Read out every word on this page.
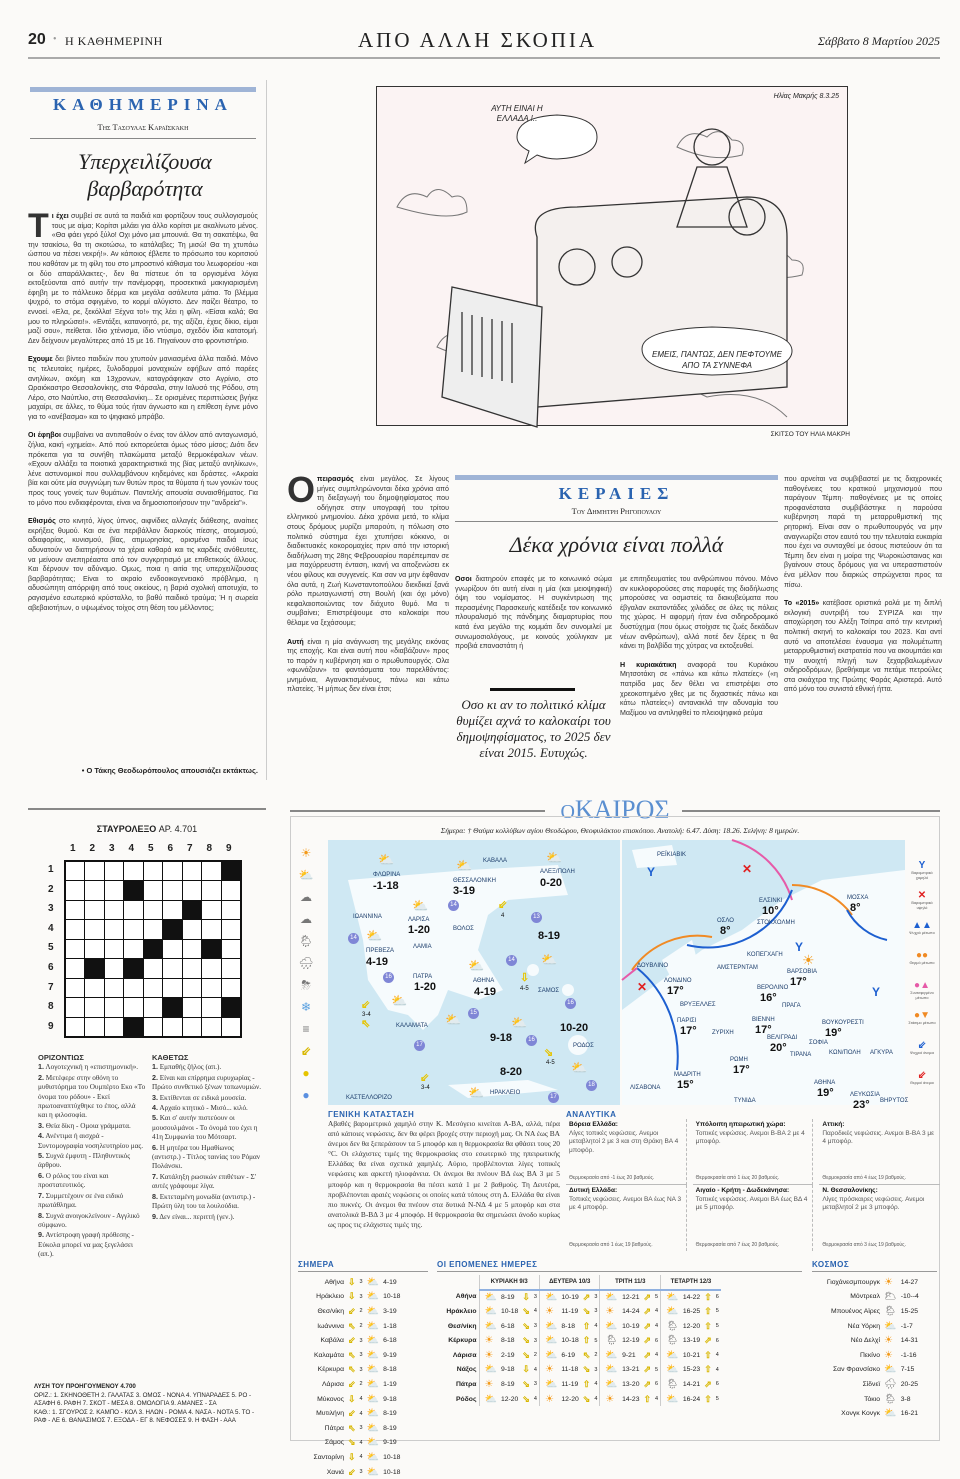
20 • Η ΚΑΘΗΜΕΡΙΝΗ	ΑΠΟ ΑΛΛΗ ΣΚΟΠΙΑ	Σάββατο 8 Μαρτίου 2025
ΚΑΘΗΜΕΡΙΝΑ
Της Τασούλας Καραϊσκάκη
Υπερχειλίζουσα βαρβαρότητα

Τι έχει συμβεί σε αυτά τα παιδιά και φορτίζουν τους συλλογισμούς τους με αίμα; Κορίτσι μιλάει για άλλο κορίτσι με ακαλίνωτο μένος. «Θα φάει γερό ξύλο! Οχι μόνο μια μπουνιά. Θα τη σακατέψω, θα την τσακίσω, θα τη σκοτώσω, το κατάλαβες; Τη μισώ! Θα τη χτυπάω ώσπου να πέσει νεκρή!». Αν κάποιος έβλεπε το πρόσωπο του κοριτσιού που καθόταν με τη φίλη του στο μπροστινό κάθισμα του λεωφορείου -και οι δύο απαράλλακτες-, δεν θα πίστευε ότι τα οργισμένα λόγια εκτοξεύονται από αυτήν την πανέμορφη, προσεκτικά μακιγιαρισμένη έφηβη με το πάλλευκο δέρμα και μεγάλα ασάλευτα μάτια. Το βλέμμα ψυχρό, το στόμα σφιγμένο, το κορμί αλύγιστο. Δεν παίζει θέατρο, το εννοεί. «Ελα, ρε, ξεκόλλα! Ξέχνα το!» της λέει η φίλη. «Είσαι καλά; Θα μου το πληρώσει!». «Εντάξει, κατανοητό, ρε, της αξίζει, έχεις δίκιο, είμαι μαζί σου», πείθεται. Ιδιο χτένισμα, ίδιο ντύσιμο, σχεδόν ίδια κατατομή. Δεν δείχνουν μεγαλύτερες από 15 με 16. Πηγαίνουν στο φροντιστήριο.

Εχουμε δει βίντεο παιδιών που χτυπούν μανιασμένα άλλα παιδιά. Μόνο τις τελευταίες ημέρες, ξυλοδαρμοί μοναχικών εφήβων από παρέες ανηλίκων, ακόμη και 13χρονων, καταγράφηκαν στο Αγρίνιο, στο Ωραιόκαστρο Θεσσαλονίκης, στα Φάρσαλα, στην Ιαλυσό της Ρόδου, στη Λέρο, στο Ναύπλιο, στη Θεσσαλονίκη... Σε ορισμένες περιπτώσεις βγήκε μαχαίρι, σε άλλες, το θύμα τούς ήταν άγνωστο και η επίθεση έγινε μόνο για το «ανέβασμα» και το ψηφιακό μπράβο.

Οι έφηβοι συμβαίνει να αντιπαθούν ο ένας τον άλλον από ανταγωνισμό, ζήλια, κακή «χημεία». Από πού εκπορεύεται όμως τόσο μίσος; Διότι δεν πρόκειται για τα συνήθη πλακώματα μεταξύ θερμοκέφαλων νέων. «Εχουν αλλάξει τα ποιοτικά χαρακτηριστικά της βίας μεταξύ ανηλίκων», λένε αστυνομικοί που συλλαμβάνουν κηδεμόνες και δράστες. «Ακραία βία και ούτε μία συγγνώμη των θυτών προς τα θύματα ή των γονιών τους προς τους γονείς των θυμάτων. Παντελής απουσία συναισθήματος. Για το μόνο που ενδιαφέρονται, είναι να δημοσιοποιήσουν την "ανδρεία"».

Εθισμός στο κινητό, λίγος ύπνος, αιφνίδιες αλλαγές διάθεσης, αναίτιες εκρήξεις θυμού. Και σε ένα περιβάλλον διαρκούς πίεσης, ατομισμού, αδιαφορίας, κυνισμού, βίας, ατιμωρησίας, ορισμένα παιδιά ίσως αδυνατούν να διατηρήσουν τα χέρια καθαρά και τις καρδιές ανόθευτες, να μείνουν ανεπηρέαστα από τον συγκρητισμό με επιθετικούς άλλους. Και δέρνουν τον αδύναμο. Ομως, ποια η αιτία της υπερχειλίζουσας βαρβαρότητας; Είναι το ακραίο ενδοοικογενειακό πρόβλημα, η αδυσώπητη απόρριψη από τους οικείους, η βαριά σχολική αποτυχία, το ραγισμένο εσωτερικό κρύσταλλο, το βαθύ παιδικό τραύμα; Ή η σωρεία αβεβαιοτήτων, ο υψωμένος τοίχος στη θέση του μέλλοντος;

• Ο Τάκης Θεοδωρόπουλος απουσιάζει εκτάκτως.
ΑΥΤΗ ΕΙΝΑΙ Η ΕΛΛΑΔΑ !..
ΕΜΕΙΣ, ΠΑΝΤΩΣ, ΔΕΝ ΠΕΦΤΟΥΜΕ ΑΠΟ ΤΑ ΣΥΝΝΕΦΑ
Ηλίας Μακρής 8.3.25
ΣΚΙΤΣΟ ΤΟΥ ΗΛΙΑ ΜΑΚΡΗ

Οπειρασμός είναι μεγάλος. Σε λίγους μήνες συμπληρώνονται δέκα χρόνια από τη διεξαγωγή του δημοψηφίσματος που οδήγησε στην υπογραφή του τρίτου ελληνικού μνημονίου. Δέκα χρόνια μετά, το κλίμα στους δρόμους μυρίζει μπαρούτι, η πόλωση στο πολιτικό σύστημα έχει χτυπήσει κόκκινο, οι διαδικτυακές κοκορομαχίες πριν από την ιστορική διαδήλωση της 28ης Φεβρουαρίου παρέπεμπαν σε μια παχύρρευστη ένταση, ικανή να αποξενώσει εκ νέου φίλους και συγγενείς. Και σαν να μην έφθαναν όλα αυτά, η Ζωή Κωνσταντοπούλου διεκδικεί ξανά ρόλο πρωταγωνιστή στη Βουλή (και όχι μόνο) κεφαλαιοποιώντας τον διάχυτο θυμό. Μα τι συμβαίνει; Επιστρέψουμε στο καλοκαίρι που θέλαμε να ξεχάσουμε;

Αυτή είναι η μία ανάγνωση της μεγάλης εικόνας της εποχής. Και είναι αυτή που «διαβάζουν» προς το παρόν η κυβέρνηση και ο πρωθυπουργός. Ολα «φωνάζουν» τα φαντάσματα του παρελθόντος: μνημόνια, Αγανακτισμένους, πάνω και κάτω πλατείες. Ή μήπως δεν είναι έτσι;

ΚΕΡΑΙΕΣ
Του Δημήτρη Ρηγόπουλου
Δέκα χρόνια είναι πολλά

Οσοι διατηρούν επαφές με το κοινωνικό σώμα γνωρίζουν ότι αυτή είναι η μία (και μειοψηφική) όψη του νομίσματος. Η συγκέντρωση της περασμένης Παρασκευής κατέδειξε τον κοινωνικό πλουραλισμό της πάνδημης διαμαρτυρίας που κατά ένα μεγάλο της κομμάτι δεν συνομιλεί με συνωμοσιολόγους, με κοινούς χούλιγκαν με προβιά επαναστάτη ή

Οσο κι αν το πολιτικό κλίμα θυμίζει αχνά το καλοκαίρι του δημοψηφίσματος, το 2025 δεν είναι 2015. Ευτυχώς.

με επιτηδευματίες του ανθρώπινου πόνου. Μόνο αν κυκλοφορούσες στις παρυφές της διαδήλωσης μπορούσες να οσμιστείς τα διακυβεύματα που έβγαλαν εκατοντάδες χιλιάδες σε όλες τις πόλεις της χώρας. Η αφορμή ήταν ένα σιδηροδρομικό δυστύχημα (που όμως στοίχισε τις ζωές δεκάδων νέων ανθρώπων), αλλά ποτέ δεν ξέρεις τι θα κάνει τη βαλβίδα της χύτρας να εκτοξευθεί.

Η κυριακάτικη αναφορά του Κυριάκου Μητσοτάκη σε «πάνω και κάτω πλατείες» («η πατρίδα μας δεν θέλει να επιστρέψει στο χρεοκοπημένο χθες με τις διχαστικές πάνω και κάτω πλατείες») αντανακλά την αδυναμία του Μαξίμου να αντιληφθεί το πλειοψηφικό ρεύμα

που αρνείται να συμβιβαστεί με τις διαχρονικές παθογένειες του κρατικού μηχανισμού που παράγουν Τέμπη· παθογένειες με τις οποίες προφανέστατα συμβιβάστηκε η παρούσα κυβέρνηση παρά τη μεταρρυθμιστική της ρητορική. Είναι σαν ο πρωθυπουργός να μην αναγνωρίζει στον εαυτό του την τελευταία ευκαιρία που έχει να συνταχθεί με όσους πιστεύουν ότι τα Τέμπη δεν είναι η μοίρα της Ψωροκώσταινας και βγαίνουν στους δρόμους για να υπερασπιστούν ένα μέλλον που διαρκώς σπρώχνεται προς τα πίσω.

Το «2015» κατέβασε οριστικά ρολά με τη διπλή εκλογική συντριβή του ΣΥΡΙΖΑ και την αποχώρηση του Αλέξη Τσίπρα από την κεντρική πολιτική σκηνή το καλοκαίρι του 2023. Και αντί αυτό να αποτελέσει έναυσμα για πολυμέτωπη μεταρρυθμιστική εκστρατεία που να ακουμπάει και την ανοιχτή πληγή των ξεχαρβαλωμένων σιδηροδρόμων, βρεθήκαμε να πετάμε πετρούλες στα σκιάχτρα της Πρώτης Φοράς Αριστερά. Αυτό από μόνο του συνιστά εθνική ήττα.

ΣΤΑΥΡΟΛΕΞΟ ΑΡ. 4.701
1 2 3 4 5 6 7 8 9
1
2
3
4
5
6
7
8
9
ΟΡΙΖΟΝΤΙΩΣ
1. Λογοτεχνική η «επιστημονική».
2. Μετέφερε στην οθόνη το μυθιστόρημα του Ουμπέρτο Εκο «Το όνομα του ρόδου» - Εκεί πρωτοαναπτύχθηκε το έπος, αλλά και η φιλοσοφία.
3. Θεία δίκη - Ομοια γράμματα.
4. Ανέντιμα ή αισχρά - Συντομογραφία νοσηλευτηρίου μας.
5. Συχνά έμφυτη - Πληθυντικός άρθρου.
6. Ο ρόλος του είναι και προστατευτικός.
7. Συμμετέχουν σε ένα ειδικό πρωτάθλημα.
8. Συχνά ανοιγοκλείνουν - Αγγλικό σύμφωνο.
9. Αντίστροφη γραφή πρόθεσης - Εύκολα μπορεί να μας ξεγελάσει (απ.).
ΚΑΘΕΤΩΣ
1. Εμπαθής ζήλος (απ.).
2. Είναι και επίρρημα ευρυχωρίας - Πρώτο συνθετικό ξένων τοπωνυμιών.
3. Εκτίθενται σε ειδικά μουσεία.
4. Αρχαίο κτητικό - Μισό... κιλό.
5. Και σ' αυτήν πιστεύουν οι μουσουλμάνοι - Το όνομά του έχει η 41η Συμφωνία του Μότσαρτ.
6. Η μητέρα του Ημαθίωνος (αντιστρ.) - Τίτλος ταινίας του Ρόμαν Πολάνσκι.
7. Κατάληξη ρωσικών επιθέτων - Σ' αυτές γράφουμε λίγα.
8. Εκτεταμένη μονωδία (αντιστρ.) - Πρώτη ύλη του τα λουλούδια.
9. Δεν είναι... περιττή (γεν.).
ΛΥΣΗ ΤΟΥ ΠΡΟΗΓΟΥΜΕΝΟΥ 4.700
ΟΡΙΖ.: 1. ΣΚΗΝΟΘΕΤΗ 2. ΓΑΛΑΤΑΣ 3. ΟΜΟΣ - ΝΟΝΑ 4. ΥΠΝΑΡΑΔΕΣ 5. ΡΟ - ΑΣΑΦΗ 6. ΡΑΦΗ 7. ΣΚΟΤ - ΜΕΣΑ 8. ΟΜΟΛΟΓΙΑ 9. ΑΜΑΝΕΣ - ΣΑ
ΚΑΘ.: 1. ΣΓΟΥΡΟΣ 2. ΚΑΜΠΟ - ΚΟΛ 3. ΗΛΩΝ - ΡΟΜΑ 4. ΝΑΣΑ - ΝΟΤΑ 5. ΤΟ - ΡΑΦ - ΛΕ 6. ΘΑΝΑΣΙΜΟΣ 7. ΕΞΟΔΑ - ΕΓ 8. ΝΕΦΟΣΕΣ 9. Η ΦΑΣΗ - ΑΑΑ
ΟΚΑΙΡΟΣ
Σήμερα: † Θαύμα κολλύβων αγίου Θεοδώρου, Θεοφυλάκτου επισκόπου. Ανατολή: 6.47. Δύση: 18.26. Σελήνη: 8 ημερών.
☀
⛅
☁
☁
🌦
🌧
⛈
❄
≡
⇙
●
●
ΦΛΩΡΙΝΑ
ΘΕΣΣΑΛΟΝΙΚΗ
ΚΑΒΑΛΑ
ΑΛΕΞ/ΠΟΛΗ
ΙΩΑΝΝΙΝΑ	ΛΑΡΙΣΑ
ΒΟΛΟΣ
ΠΡΕΒΕΖΑ
ΛΑΜΙΑ
ΠΑΤΡΑ
ΑΘΗΝΑ
ΣΑΜΟΣ
ΚΑΛΑΜΑΤΑ
ΡΟΔΟΣ
ΗΡΑΚΛΕΙΟ
ΚΑΣΤΕΛΛΟΡΙΖΟ
-1-18	3-19
0-20
1-20
4-19
1-20	4-19
8-19
9-18
10-20
8-20
14
13
14
14
16
15
16
17
16
17
18
⛅	⛅
⛅
⛅
⛅
⛅
⛅
⛅
⛅	⛅
⛅
⛅
⇙
4
⇩
4-5
⇙
3-4
⇖
⇘
4-5
⇙
3-4
ΡΕΪΚΙΑΒΙΚ
ΕΛΣΙΝΚΙ
10°
ΜΟΣΧΑ
8°
ΟΣΛΟ
8°
ΣΤΟΚΧΟΛΜΗ
ΚΟΠΕΓΧΑΓΗ
ΔΟΥΒΛΙΝΟ
ΛΟΝΔΙΝΟ
17°
ΑΜΣΤΕΡΝΤΑΜ
ΒΑΡΣΟΒΙΑ
17°
ΒΕΡΟΛΙΝΟ
16°
ΒΡΥΞΕΛΛΕΣ	ΠΡΑΓΑ
ΠΑΡΙΣΙ
17°
ΒΙΕΝΝΗ
17°
ΖΥΡΙΧΗ
ΒΟΥΚΟΥΡΕΣΤΙ
19°
ΒΕΛΙΓΡΑΔΙ
20°	ΣΟΦΙΑ
ΤΙΡΑΝΑ	ΚΩΝ/ΠΟΛΗ ΑΓΚΥΡΑ
ΡΩΜΗ
17°
ΜΑΔΡΙΤΗ
15°
ΛΙΣΑΒΟΝΑ
ΑΘΗΝΑ
19°	ΛΕΥΚΩΣΙΑ
23° ΒΗΡΥΤΟΣ
ΤΥΝΙΔΑ
✕
✕
Y
Y
Y
☀
Y
Βαρομετρικό χαμηλό
✕
Βαρομετρικό υψηλό
▲▲
Ψυχρό μέτωπο
●●
Θερμό μέτωπο
●▲
Συνεσφιγμένο μέτωπο
●▼
Στάσιμο μέτωπο
⇙
Ψυχροί άνεμοι
⇙
Θερμοί άνεμοι
ΓΕΝΙΚΗ ΚΑΤΑΣΤΑΣΗ
Αβαθές βαρομετρικό χαμηλό στην Κ. Μεσόγειο κινείται Α-ΒΑ, αλλά, πέρα από κάποιες νεφώσεις, δεν θα φέρει βροχές στην περιοχή μας. Οι ΝΑ έως ΒΑ άνεμοι δεν θα ξεπεράσουν τα 5 μποφόρ και η θερμοκρασία θα φθάσει τους 20 °C. Οι ελάχιστες τιμές της θερμοκρασίας στο εσωτερικό της ηπειρωτικής Ελλάδας θα είναι σχετικά χαμηλές. Αύριο, προβλέπονται λίγες τοπικές νεφώσεις και αρκετή ηλιοφάνεια. Οι άνεμοι θα πνέουν ΒΔ έως ΒΑ 3 με 5 μποφόρ και η θερμοκρασία θα πέσει κατά 1 με 2 βαθμούς. Τη Δευτέρα, προβλέπονται αραιές νεφώσεις οι οποίες κατά τόπους στη Δ. Ελλάδα θα είναι πιο πυκνές. Οι άνεμοι θα πνέουν στα δυτικά Ν-ΝΔ 4 με 5 μποφόρ και στα ανατολικά Β-ΒΔ 3 με 4 μποφόρ. Η θερμοκρασία θα σημειώσει άνοδο κυρίως ως προς τις ελάχιστες τιμές της.
ΑΝΑΛΥΤΙΚΑ
Βόρεια Ελλάδα:
Λίγες τοπικές νεφώσεις. Ανεμοι μεταβλητοί 2 με 3 και στη Θράκη ΒΑ 4 μποφόρ.
Θερμοκρασία από -1 έως 20 βαθμούς.
Υπόλοιπη ηπειρωτική χώρα:
Τοπικές νεφώσεις. Ανεμοι Β-ΒΑ 2 με 4 μποφόρ.
Θερμοκρασία από 1 έως 20 βαθμούς.
Αττική:
Παροδικές νεφώσεις. Ανεμοι Β-ΒΑ 3 με 4 μποφόρ.
Θερμοκρασία από 4 έως 19 βαθμούς.
Δυτική Ελλάδα:
Τοπικές νεφώσεις. Ανεμοι ΒΑ έως ΝΑ 3 με 4 μποφόρ.
Θερμοκρασία από 1 έως 19 βαθμούς.
Αιγαίο - Κρήτη - Δωδεκάνησα:
Τοπικές νεφώσεις. Ανεμοι ΒΑ έως ΒΔ 4 με 5 μποφόρ.
Θερμοκρασία από 7 έως 20 βαθμούς.
Ν. Θεσσαλονίκης:
Λίγες πρόσκαιρες νεφώσεις. Ανεμοι μεταβλητοί 2 με 3 μποφόρ.
Θερμοκρασία από 3 έως 19 βαθμούς.
ΣΗΜΕΡΑ
Αθήνα	⇩	3	⛅	4-19
Ηράκλειο	⇩	3	⛅	10-18
Θεσ/νίκη	⇙	2	⛅	3-19
Ιωάννινα	⇖	2	⛅	1-18
Καβάλα	⇙	3	⛅	6-18
Καλαμάτα	⇖	3	⛅	9-19
Κέρκυρα	⇖	3	⛅	8-18
Λάρισα	⇙	2	⛅	1-19
Μύκονος	⇩	4	⛅	9-18
Μυτιλήνη	⇙	4	⛅	8-19
Πάτρα	⇖	3	⛅	8-19
Σάμος	⇘	4	⛅	9-19
Σαντορίνη	⇩	4	⛅	10-18
Χανιά	⇙	3	⛅	10-18
ΟΙ ΕΠΟΜΕΝΕΣ ΗΜΕΡΕΣ
	ΚΥΡΙΑΚΗ 9/3				ΔΕΥΤΕΡΑ 10/3				ΤΡΙΤΗ 11/3				ΤΕΤΑΡΤΗ 12/3			
Αθήνα	⛅	8-19	⇩	3	⛅	10-19	⇗	3	⛅	12-21	⇗	5	⛅	14-22	⇧	6
Ηράκλειο	⛅	10-18	⇘	4	☀	11-19	⇘	3	☀	14-24	⇗	4	⛅	16-25	⇧	5
Θεσ/νίκη	⛅	6-18	⇘	3	⛅	8-18	⇧	4	⛅	10-19	⇗	4	🌦	12-20	⇧	5
Κέρκυρα	☀	8-18	⇘	3	⛅	10-18	⇧	5	🌦	12-19	⇗	6	🌦	13-19	⇗	6
Λάρισα	☀	2-19	⇘	2	⛅	6-19	⇖	2	⛅	9-21	⇗	4	⛅	10-21	⇧	4
Νάξος	⛅	9-18	⇩	4	☀	11-18	⇘	3	⛅	13-21	⇗	5	⛅	15-23	⇧	4
Πάτρα	☀	8-19	⇘	3	⛅	11-19	⇧	4	⛅	13-20	⇗	6	🌦	14-21	⇗	6
Ρόδος	⛅	12-20	⇘	4	☀	12-20	⇘	4	☀	14-23	⇧	4	⛅	16-24	⇧	5
ΚΟΣΜΟΣ
Γιοχάνεσμπουργκ	☀	14-27
Μόντρεαλ	🌥	-10--4
Μπουένος Αϊρες	🌦	15-25
Νέα Υόρκη	⛅	-1-7
Νέο Δελχί	☀	14-31
Πεκίνο	☀	-1-16
Σαν Φρανσίσκο	⛅	7-15
Σίδνεϊ	🌧	20-25
Τόκιο	🌦	3-8
Χονγκ Κονγκ	⛅	16-21
